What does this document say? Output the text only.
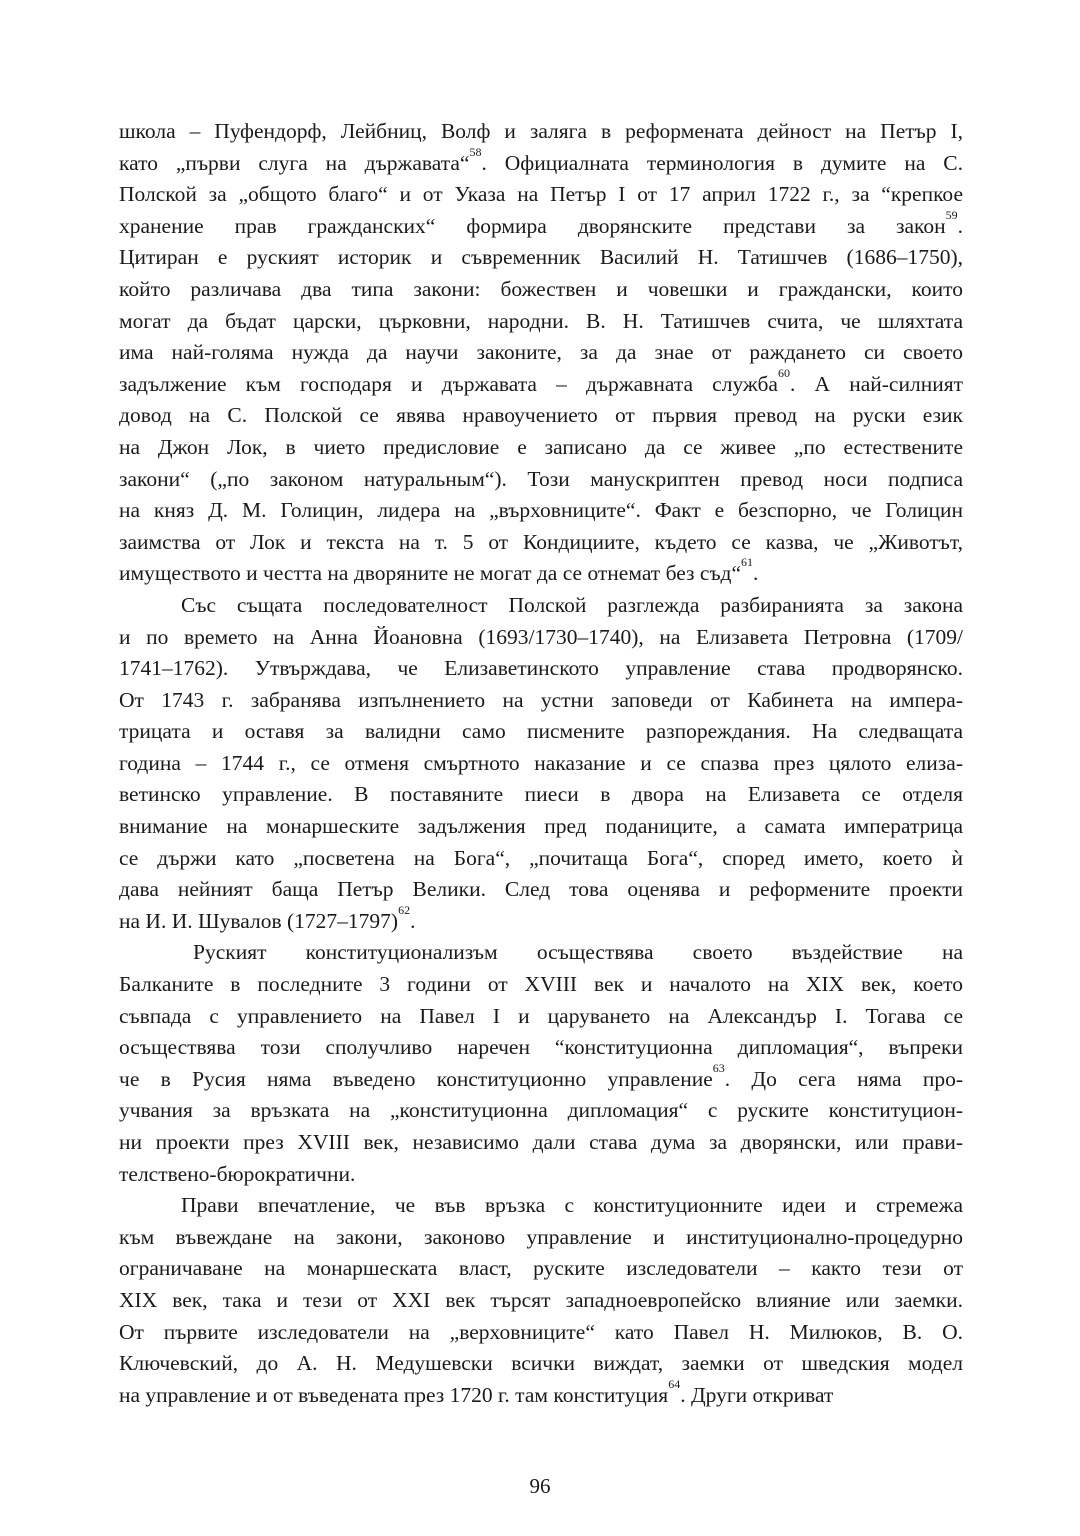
школа – Пуфендорф, Лейбниц, Волф и заляга в реформената дейност на Петър I,
като „първи слуга на държавата“$^{58}$. Официалната терминология в думите на С.
Полской за „общото благо“ и от Указа на Петър I от 17 април 1722 г., за “крепкое
хранение прав гражданских“ формира дворянските представи за закон$^{59}$.
Цитиран е руският историк и съвременник Василий Н. Татишчев (1686–1750),
който различава два типа закони: божествен и човешки и граждански, които
могат да бъдат царски, църковни, народни. В. Н. Татишчев счита, че шляхтата
има най-голяма нужда да научи законите, за да знае от раждането си своето
задължение към господаря и държавата – държавната служба$^{60}$. А най-силният
довод на С. Полской се явява нравоучението от първия превод на руски език
на Джон Лок, в чието предисловие е записано да се живее „по естествените
закони“ („по законом натуральным“). Този манускриптен превод носи подписа
на княз Д. М. Голицин, лидера на „върховниците“. Факт е безспорно, че Голицин
заимства от Лок и текста на т. 5 от Кондициите, където се казва, че „Животът,
имуществото и честта на дворяните не могат да се отнемат без съд“$^{61}$.
Със същата последователност Полской разглежда разбиранията за закона
и по времето на Анна Йоановна (1693/1730–1740), на Елизавета Петровна (1709/
1741–1762). Утвърждава, че Елизаветинското управление става продворянско.
От 1743 г. забранява изпълнението на устни заповеди от Кабинета на импера-
трицата и оставя за валидни само писмените разпореждания. На следващата
година – 1744 г., се отменя смъртното наказание и се спазва през цялото елиза-
ветинско управление. В поставяните пиеси в двора на Елизавета се отделя
внимание на монаршеските задължения пред поданиците, а самата императрица
се държи като „посветена на Бога“, „почитаща Бога“, според името, което ѝ
дава нейният баща Петър Велики. След това оценява и реформените проекти
на И. И. Шувалов (1727–1797)$^{62}$.
Руският конституционализъм осъществява своето въздействие на
Балканите в последните 3 години от XVIII век и началото на XIX век, което
съвпада с управлението на Павел I и царуването на Александър I. Тогава се
осъществява този сполучливо наречен “конституционна дипломация“, въпреки
че в Русия няма въведено конституционно управление$^{63}$. До сега няма про-
учвания за връзката на „конституционна дипломация“ с руските конституцион-
ни проекти през XVIII век, независимо дали става дума за дворянски, или прави-
телствено-бюрократични.
Прави впечатление, че във връзка с конституционните идеи и стремежа
към въвеждане на закони, законово управление и институционално-процедурно
ограничаване на монаршеската власт, руските изследователи – както тези от
XIX век, така и тези от XXI век търсят западноевропейско влияние или заемки.
От първите изследователи на „верховниците“ като Павел Н. Милюков, В. О.
Ключевский, до А. Н. Медушевски всички виждат, заемки от шведския модел
на управление и от въведената през 1720 г. там конституция$^{64}$. Други откриват
96
